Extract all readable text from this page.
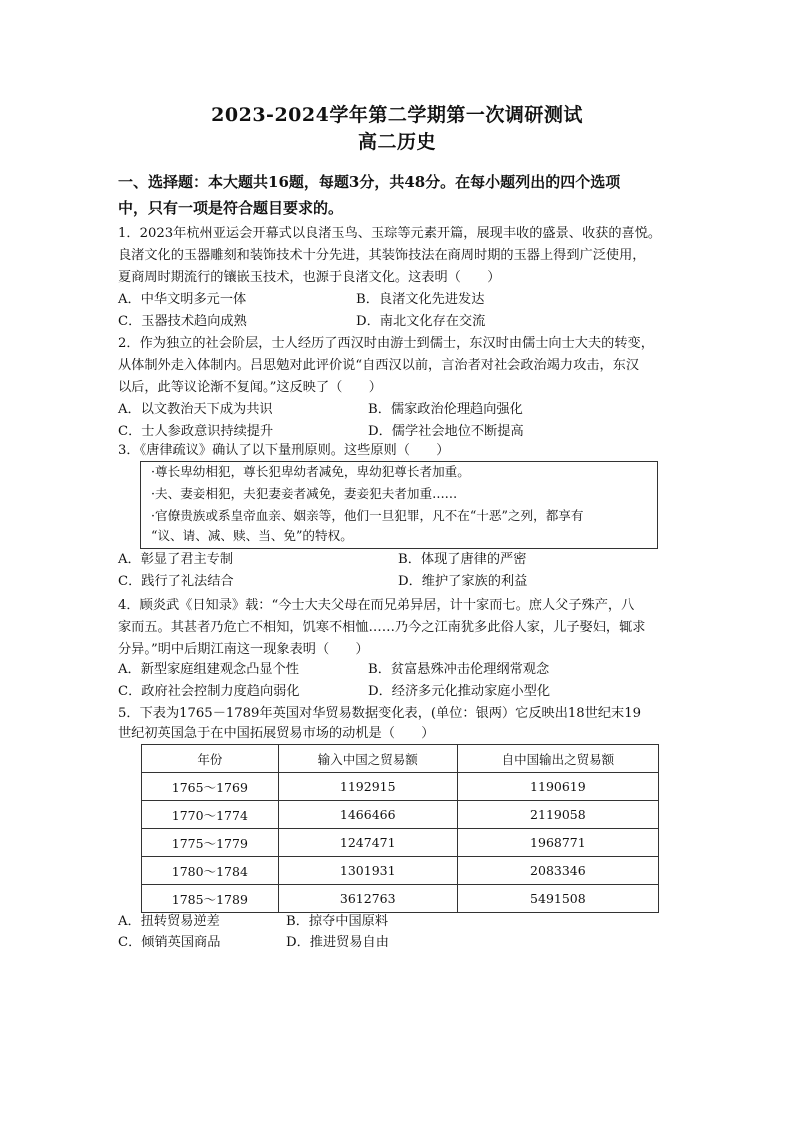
2023-2024学年第二学期第一次调研测试
高二历史
一、选择题：本大题共16题，每题3分，共48分。在每小题列出的四个选项
中，只有一项是符合题目要求的。
1．2023年杭州亚运会开幕式以良渚玉鸟、玉琮等元素开篇，展现丰收的盛景、收获的喜悦。
良渚文化的玉器雕刻和装饰技术十分先进，其装饰技法在商周时期的玉器上得到广泛使用，
夏商周时期流行的镶嵌玉技术，也源于良渚文化。这表明（　　）
A．中华文明多元一体	B．良渚文化先进发达
C．玉器技术趋向成熟	D．南北文化存在交流
2．作为独立的社会阶层，士人经历了西汉时由游士到儒士，东汉时由儒士向士大夫的转变，
从体制外走入体制内。吕思勉对此评价说“自西汉以前，言治者对社会政治竭力攻击，东汉
以后，此等议论渐不复闻。”这反映了（　　）
A．以文教治天下成为共识	B．儒家政治伦理趋向强化
C．士人参政意识持续提升	D．儒学社会地位不断提高
3．《唐律疏议》确认了以下量刑原则。这些原则（　　）
·尊长卑幼相犯，尊长犯卑幼者减免，卑幼犯尊长者加重。
·夫、妻妾相犯，夫犯妻妾者减免，妻妾犯夫者加重……
·官僚贵族或系皇帝血亲、姻亲等，他们一旦犯罪，凡不在“十恶”之列，都享有
“议、请、减、赎、当、免”的特权。
A．彰显了君主专制	B．体现了唐律的严密
C．践行了礼法结合	D．维护了家族的利益
4．顾炎武《日知录》载：“今士大夫父母在而兄弟异居，计十家而七。庶人父子殊产，八
家而五。其甚者乃危亡不相知，饥寒不相恤……乃今之江南犹多此俗人家，儿子娶妇，辄求
分异。”明中后期江南这一现象表明（　　）
A．新型家庭组建观念凸显个性	B．贫富悬殊冲击伦理纲常观念
C．政府社会控制力度趋向弱化	D．经济多元化推动家庭小型化
5．下表为1765－1789年英国对华贸易数据变化表，(单位：银两）它反映出18世纪末19
世纪初英国急于在中国拓展贸易市场的动机是（　　）
年份	输入中国之贸易额	自中国输出之贸易额
1765～1769	1192915	1190619
1770～1774	1466466	2119058
1775～1779	1247471	1968771
1780～1784	1301931	2083346
1785～1789	3612763	5491508
A．扭转贸易逆差	B．掠夺中国原料
C．倾销英国商品	D．推进贸易自由
